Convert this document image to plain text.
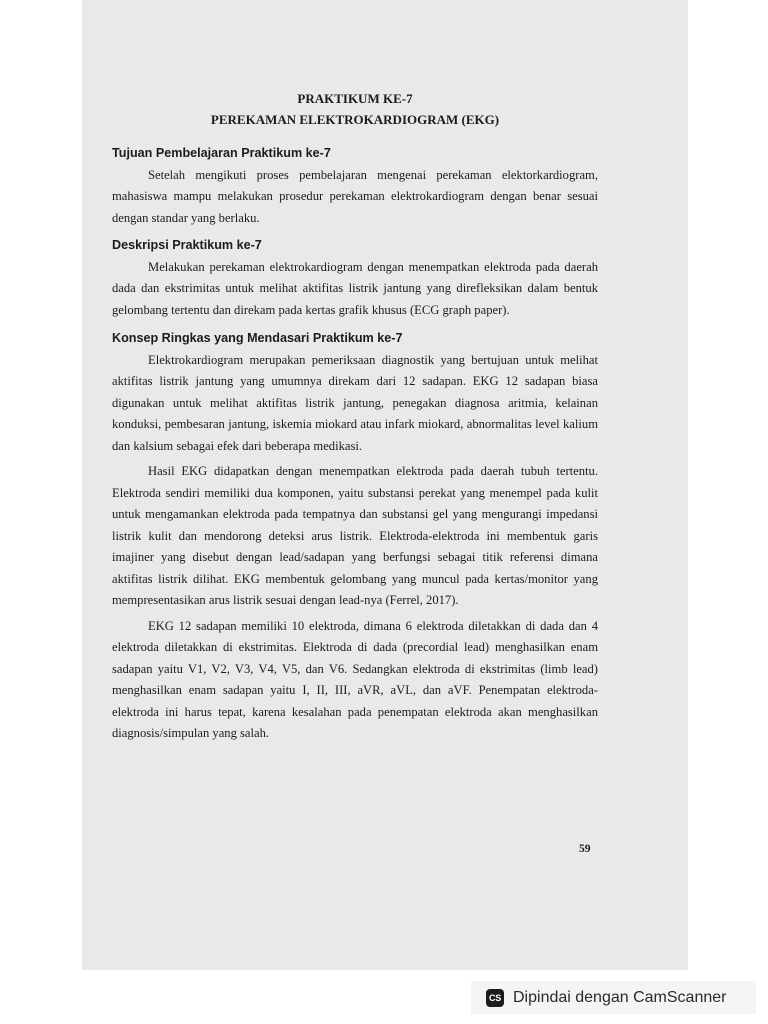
PRAKTIKUM KE-7

PEREKAMAN ELEKTROKARDIOGRAM (EKG)

Tujuan Pembelajaran Praktikum ke-7

Setelah mengikuti proses pembelajaran mengenai perekaman elektorkardiogram, mahasiswa mampu melakukan prosedur perekaman elektrokardiogram dengan benar sesuai dengan standar yang berlaku.

Deskripsi Praktikum ke-7

Melakukan perekaman elektrokardiogram dengan menempatkan elektroda pada daerah dada dan ekstrimitas untuk melihat aktifitas listrik jantung yang direfleksikan dalam bentuk gelombang tertentu dan direkam pada kertas grafik khusus (ECG graph paper).

Konsep Ringkas yang Mendasari Praktikum ke-7

Elektrokardiogram merupakan pemeriksaan diagnostik yang bertujuan untuk melihat aktifitas listrik jantung yang umumnya direkam dari 12 sadapan. EKG 12 sadapan biasa digunakan untuk melihat aktifitas listrik jantung, penegakan diagnosa aritmia, kelainan konduksi, pembesaran jantung, iskemia miokard atau infark miokard, abnormalitas level kalium dan kalsium sebagai efek dari beberapa medikasi.

Hasil EKG didapatkan dengan menempatkan elektroda pada daerah tubuh tertentu. Elektroda sendiri memiliki dua komponen, yaitu substansi perekat yang menempel pada kulit untuk mengamankan elektroda pada tempatnya dan substansi gel yang mengurangi impedansi listrik kulit dan mendorong deteksi arus listrik. Elektroda-elektroda ini membentuk garis imajiner yang disebut dengan lead/sadapan yang berfungsi sebagai titik referensi dimana aktifitas listrik dilihat. EKG membentuk gelombang yang muncul pada kertas/monitor yang mempresentasikan arus listrik sesuai dengan lead-nya (Ferrel, 2017).

EKG 12 sadapan memiliki 10 elektroda, dimana 6 elektroda diletakkan di dada dan 4 elektroda diletakkan di ekstrimitas. Elektroda di dada (precordial lead) menghasilkan enam sadapan yaitu V1, V2, V3, V4, V5, dan V6. Sedangkan elektroda di ekstrimitas (limb lead) menghasilkan enam sadapan yaitu I, II, III, aVR, aVL, dan aVF. Penempatan elektroda-elektroda ini harus tepat, karena kesalahan pada penempatan elektroda akan menghasilkan diagnosis/simpulan yang salah.

59
CS Dipindai dengan CamScanner
